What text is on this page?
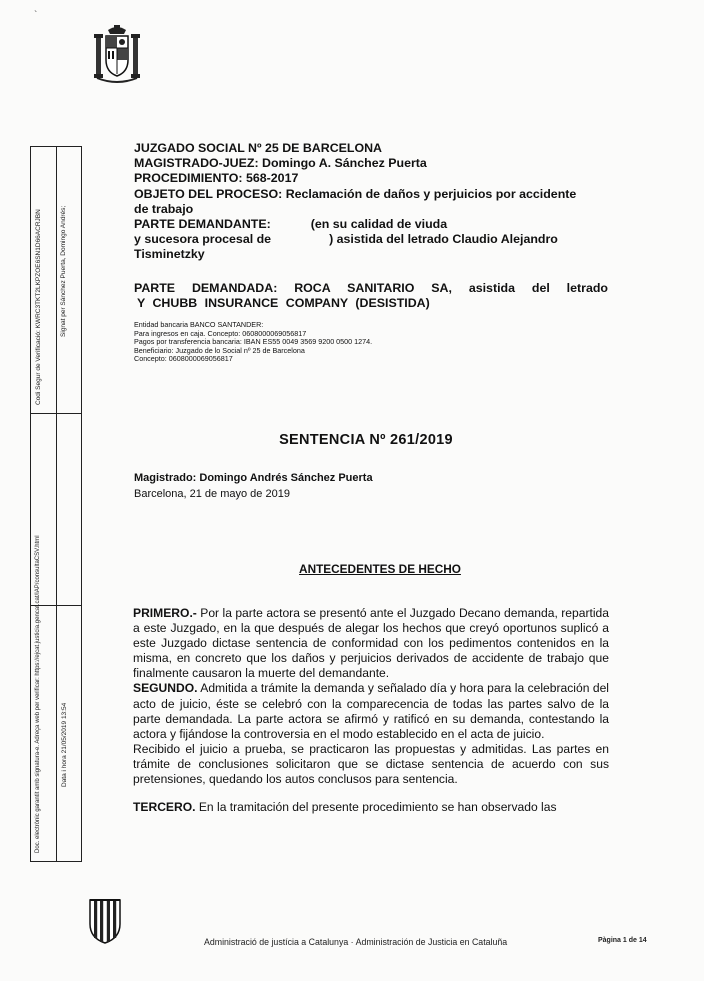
`
Codi Segur de Verificació: KWRC3TKT2LKPZOE6SN1D66ACRJBN	Signat per Sánchez Puerta, Domingo Andrés;
Doc. electrònic garantit amb signatura-e. Adreça web per verificar: https://ejcat.justicia.gencat.cat/IAP/consultaCSV.html	Data i hora 21/05/2019 13:54

JUZGADO SOCIAL Nº 25 DE BARCELONA

MAGISTRADO-JUEZ: Domingo A. Sánchez Puerta

PROCEDIMIENTO: 568-2017

OBJETO DEL PROCESO: Reclamación de daños y perjuicios por accidente

de trabajo

PARTE DEMANDANTE:	(en su calidad de viuda

y sucesora procesal de	) asistida del letrado Claudio Alejandro

Tisminetzky

PARTE DEMANDADA: ROCA SANITARIO SA, asistida del letrado

Y CHUBB INSURANCE COMPANY (DESISTIDA)

Entidad bancaria BANCO SANTANDER:

Para ingresos en caja. Concepto: 0608000069056817

Pagos por transferencia bancaria: IBAN ES55 0049 3569 9200 0500 1274.

Beneficiario: Juzgado de lo Social nº 25 de Barcelona

Concepto: 0608000069056817

SENTENCIA Nº 261/2019
Magistrado: Domingo Andrés Sánchez Puerta
Barcelona, 21 de mayo de 2019
ANTECEDENTES DE HECHO

PRIMERO.- Por la parte actora se presentó ante el Juzgado Decano demanda, repartida a este Juzgado, en la que después de alegar los hechos que creyó oportunos suplicó a este Juzgado dictase sentencia de conformidad con los pedimentos contenidos en la misma, en concreto que los daños y perjuicios derivados de accidente de trabajo que finalmente causaron la muerte del demandante.

SEGUNDO. Admitida a trámite la demanda y señalado día y hora para la celebración del acto de juicio, éste se celebró con la comparecencia de todas las partes salvo de la parte demandada. La parte actora se afirmó y ratificó en su demanda, contestando la actora y fijándose la controversia en el modo establecido en el acta de juicio.

Recibido el juicio a prueba, se practicaron las propuestas y admitidas. Las partes en trámite de conclusiones solicitaron que se dictase sentencia de acuerdo con sus pretensiones, quedando los autos conclusos para sentencia.

TERCERO. En la tramitación del presente procedimiento se han observado las

Administració de justícia a Catalunya · Administración de Justicia en Cataluña	Pàgina 1 de 14
